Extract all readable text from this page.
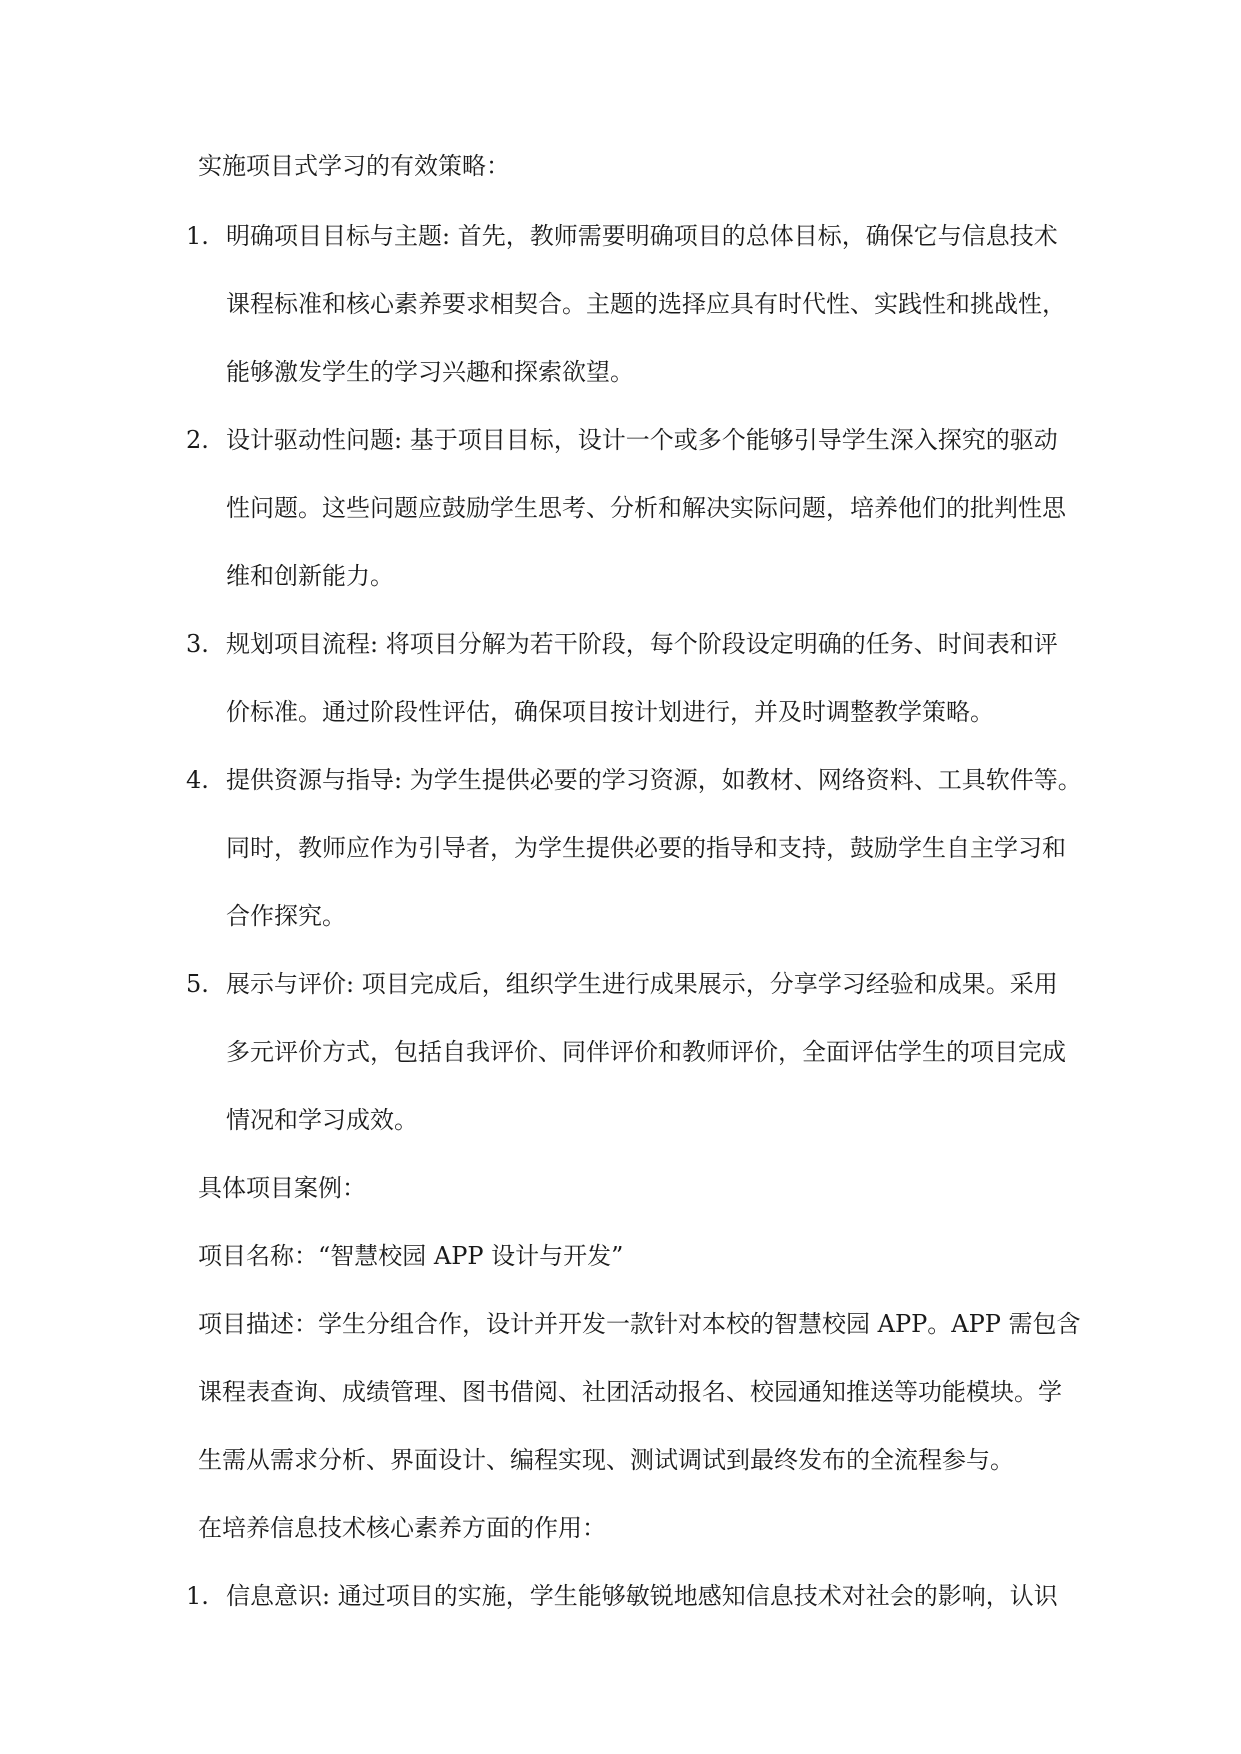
实施项目式学习的有效策略：
1. 明确项目目标与主题: 首先，教师需要明确项目的总体目标，确保它与信息技术
课程标准和核心素养要求相契合。主题的选择应具有时代性、实践性和挑战性，
能够激发学生的学习兴趣和探索欲望。
2. 设计驱动性问题: 基于项目目标，设计一个或多个能够引导学生深入探究的驱动
性问题。这些问题应鼓励学生思考、分析和解决实际问题，培养他们的批判性思
维和创新能力。
3. 规划项目流程: 将项目分解为若干阶段，每个阶段设定明确的任务、时间表和评
价标准。通过阶段性评估，确保项目按计划进行，并及时调整教学策略。
4. 提供资源与指导: 为学生提供必要的学习资源，如教材、网络资料、工具软件等。
同时，教师应作为引导者，为学生提供必要的指导和支持，鼓励学生自主学习和
合作探究。
5. 展示与评价: 项目完成后，组织学生进行成果展示，分享学习经验和成果。采用
多元评价方式，包括自我评价、同伴评价和教师评价，全面评估学生的项目完成
情况和学习成效。
具体项目案例：
项目名称：“智慧校园 APP 设计与开发”
项目描述：学生分组合作，设计并开发一款针对本校的智慧校园 APP。APP 需包含
课程表查询、成绩管理、图书借阅、社团活动报名、校园通知推送等功能模块。学
生需从需求分析、界面设计、编程实现、测试调试到最终发布的全流程参与。
在培养信息技术核心素养方面的作用：
1. 信息意识: 通过项目的实施，学生能够敏锐地感知信息技术对社会的影响，认识
